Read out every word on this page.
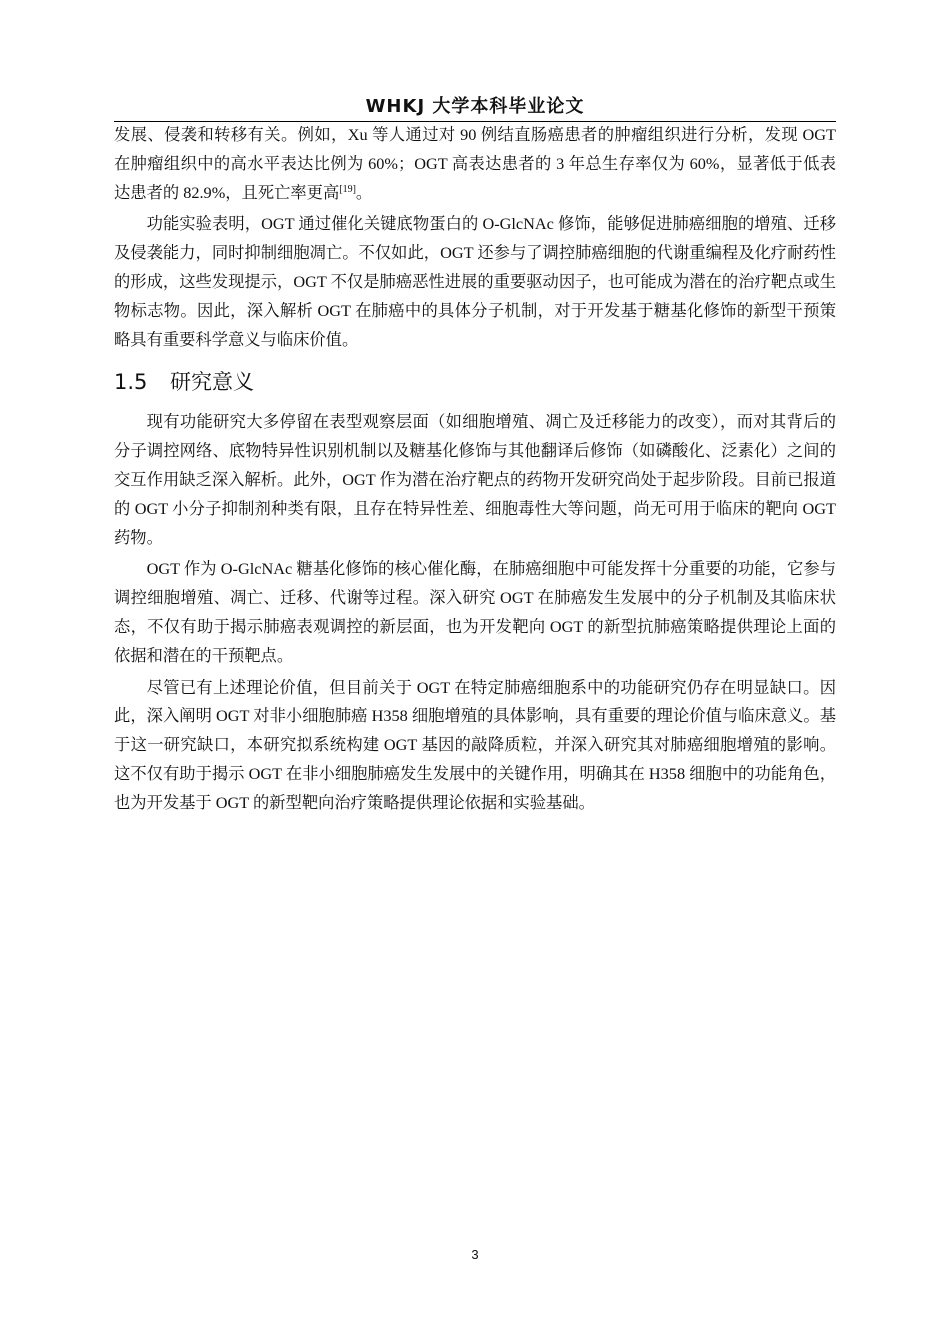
WHKJ 大学本科毕业论文

发展、侵袭和转移有关。例如，Xu 等人通过对 90 例结直肠癌患者的肿瘤组织进行分析，发现 OGT 在肿瘤组织中的高水平表达比例为 60%；OGT 高表达患者的 3 年总生存率仅为 60%，显著低于低表达患者的 82.9%，且死亡率更高[19]。

功能实验表明，OGT 通过催化关键底物蛋白的 O-GlcNAc 修饰，能够促进肺癌细胞的增殖、迁移及侵袭能力，同时抑制细胞凋亡。不仅如此，OGT 还参与了调控肺癌细胞的代谢重编程及化疗耐药性的形成，这些发现提示，OGT 不仅是肺癌恶性进展的重要驱动因子，也可能成为潜在的治疗靶点或生物标志物。因此，深入解析 OGT 在肺癌中的具体分子机制，对于开发基于糖基化修饰的新型干预策略具有重要科学意义与临床价值。

1.5	研究意义

现有功能研究大多停留在表型观察层面（如细胞增殖、凋亡及迁移能力的改变），而对其背后的分子调控网络、底物特异性识别机制以及糖基化修饰与其他翻译后修饰（如磷酸化、泛素化）之间的交互作用缺乏深入解析。此外，OGT 作为潜在治疗靶点的药物开发研究尚处于起步阶段。目前已报道的 OGT 小分子抑制剂种类有限，且存在特异性差、细胞毒性大等问题，尚无可用于临床的靶向 OGT 药物。

OGT 作为 O-GlcNAc 糖基化修饰的核心催化酶，在肺癌细胞中可能发挥十分重要的功能，它参与调控细胞增殖、凋亡、迁移、代谢等过程。深入研究 OGT 在肺癌发生发展中的分子机制及其临床状态，不仅有助于揭示肺癌表观调控的新层面，也为开发靶向 OGT 的新型抗肺癌策略提供理论上面的依据和潜在的干预靶点。

尽管已有上述理论价值，但目前关于 OGT 在特定肺癌细胞系中的功能研究仍存在明显缺口。因此，深入阐明 OGT 对非小细胞肺癌 H358 细胞增殖的具体影响，具有重要的理论价值与临床意义。基于这一研究缺口，本研究拟系统构建 OGT 基因的敲降质粒，并深入研究其对肺癌细胞增殖的影响。这不仅有助于揭示 OGT 在非小细胞肺癌发生发展中的关键作用，明确其在 H358 细胞中的功能角色，也为开发基于 OGT 的新型靶向治疗策略提供理论依据和实验基础。

3
